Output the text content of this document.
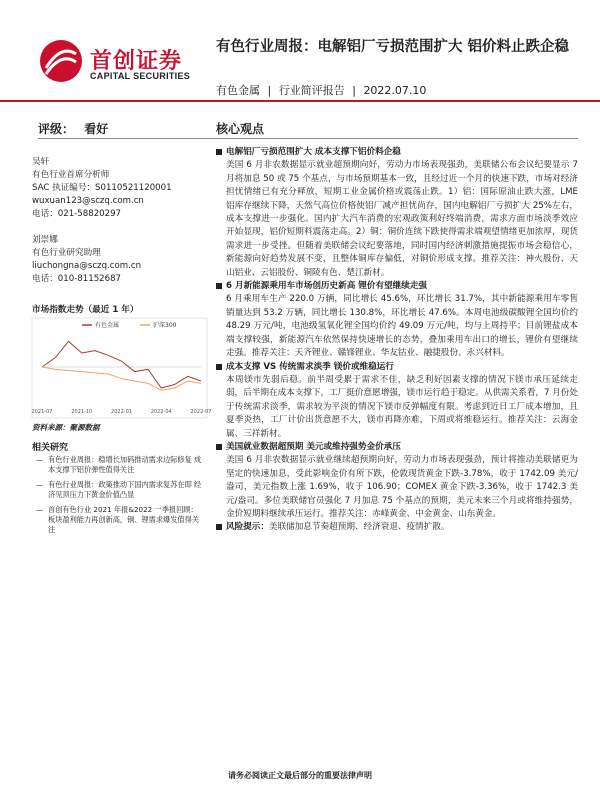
首创证券
CAPITAL SECURITIES
有色行业周报：电解铝厂亏损范围扩大 铝价料止跌企稳
有色金属 | 行业简评报告 | 2022.07.10
评级： 看好	核心观点

吴轩

有色行业首席分析师

SAC 执证编号：S0110521120001

wuxuan123@sczq.com.cn

电话：021-58820297

刘崇娜

有色行业研究助理

liuchongna@sczq.com.cn

电话：010-81152687

市场指数走势（最近 1 年）
有色金属	沪深300
2021-07	2021-10	2022-01	2022-04	2022-07
资料来源：聚源数据
相关研究
— 有色行业周报：稳增长加码推动需求边际修复 成本支撑下铝价弹性值得关注
— 有色行业周报：政策推动下国内需求复苏在即 经济见顶压力下黄金价值凸显
— 首创有色行业 2021 年报&2022 一季报回顾：板块盈利能力再创新高，铜、锂需求爆发值得关注
电解铝厂亏损范围扩大 成本支撑下铝价料企稳
美国 6 月非农数据显示就业超预期向好，劳动力市场表现强劲，美联储公布会议纪要显示 7 月将加息 50 或 75 个基点，与市场预期基本一致，且经过近一个月的快速下跌，市场对经济担忧情绪已有充分释放，短期工业金属价格或震荡止跌。1）铝：国际原油止跌大涨，LME 铝库存继续下降，天然气高位价格使铝厂减产担忧尚存，国内电解铝厂亏损扩大 25%左右，成本支撑进一步强化。国内扩大汽车消费的宏观政策利好终端消费，需求方面市场淡季效应开始显现，铝价短期料震荡走高。2）铜：铜价连续下跌使得需求端观望情绪更加浓厚，现货需求进一步受挫。但随着美联储会议纪要落地，同时国内经济刺激措施提振市场会稳信心，新能源向好趋势发展不变，且整体铜库存偏低，对铜价形成支撑。推荐关注：神火股份、天山铝业、云铝股份、铜陵有色、楚江新材。
6 月新能源乘用车市场创历史新高 锂价有望继续走强
6 月乘用车生产 220.0 万辆，同比增长 45.6%，环比增长 31.7%，其中新能源乘用车零售销量达到 53.2 万辆，同比增长 130.8%，环比增长 47.6%。本周电池级碳酸锂全国均价约 48.29 万元/吨，电池级氢氧化锂全国均价约 49.09 万元/吨，均与上周持平；目前锂盐成本端支撑较强，新能源汽车依然保持快速增长的态势，叠加乘用车出口的增长，锂价有望继续走强。推荐关注：天齐锂业、赣锋锂业、华友钴业、融捷股份、永兴材料。
成本支撑 VS 传统需求淡季 镁价或维稳运行
本周镁市先弱后稳。前半周受累于需求不佳，缺乏利好因素支撑的情况下镁市承压延续走弱，后半期在成本支撑下，工厂挺价意愿增强，镁市运行趋于稳定。从供需关系看，7 月份处于传统需求淡季，需求较为平淡的情况下镁市反弹幅度有限。考虑到近日工厂成本增加，且夏季炎热，工厂计价出货意愿不大，镁市再降亦难，下周或将维稳运行。推荐关注：云海金属、三祥新材。
美国就业数据超预期 美元或维持强势金价承压
美国 6 月非农数据显示就业继续超预期向好，劳动力市场表现强劲，预计将推动美联储更为坚定的快速加息，受此影响金价有所下跌，伦敦现货黄金下跌-3.78%，收于 1742.09 美元/盎司，美元指数上涨 1.69%，收于 106.90；COMEX 黄金下跌-3.36%，收于 1742.3 美元/盎司。多位美联储官员强化 7 月加息 75 个基点的预期，美元未来三个月或将维持强势，金价短期料继续承压运行。推荐关注：赤峰黄金、中金黄金、山东黄金。
风险提示：美联储加息节奏超预期、经济衰退、疫情扩散。
请务必阅读正文最后部分的重要法律声明
